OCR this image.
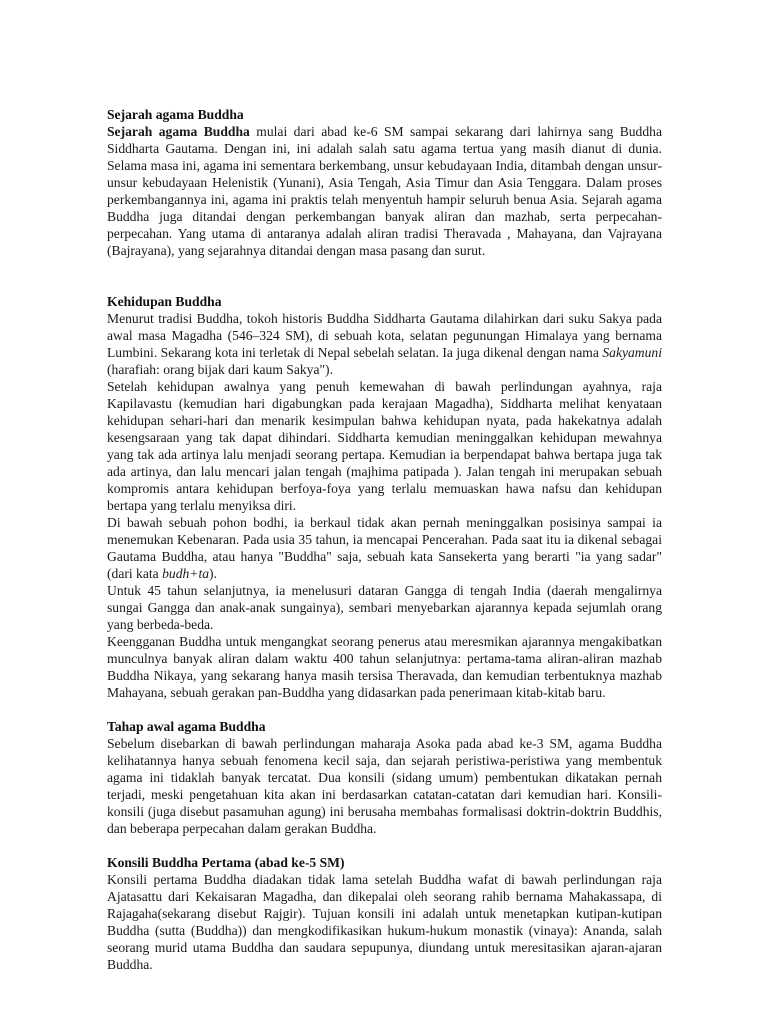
Sejarah agama Buddha

Sejarah agama Buddha mulai dari abad ke-6 SM sampai sekarang dari lahirnya sang Buddha Siddharta Gautama. Dengan ini, ini adalah salah satu agama tertua yang masih dianut di dunia. Selama masa ini, agama ini sementara berkembang, unsur kebudayaan India, ditambah dengan unsur-unsur kebudayaan Helenistik (Yunani), Asia Tengah, Asia Timur dan Asia Tenggara. Dalam proses perkembangannya ini, agama ini praktis telah menyentuh hampir seluruh benua Asia. Sejarah agama Buddha juga ditandai dengan perkembangan banyak aliran dan mazhab, serta perpecahan-perpecahan. Yang utama di antaranya adalah aliran tradisi Theravada , Mahayana, dan Vajrayana (Bajrayana), yang sejarahnya ditandai dengan masa pasang dan surut.

Kehidupan Buddha

Menurut tradisi Buddha, tokoh historis Buddha Siddharta Gautama dilahirkan dari suku Sakya pada awal masa Magadha (546–324 SM), di sebuah kota, selatan pegunungan Himalaya yang bernama Lumbini. Sekarang kota ini terletak di Nepal sebelah selatan. Ia juga dikenal dengan nama Sakyamuni (harafiah: orang bijak dari kaum Sakya").

Setelah kehidupan awalnya yang penuh kemewahan di bawah perlindungan ayahnya, raja Kapilavastu (kemudian hari digabungkan pada kerajaan Magadha), Siddharta melihat kenyataan kehidupan sehari-hari dan menarik kesimpulan bahwa kehidupan nyata, pada hakekatnya adalah kesengsaraan yang tak dapat dihindari. Siddharta kemudian meninggalkan kehidupan mewahnya yang tak ada artinya lalu menjadi seorang pertapa. Kemudian ia berpendapat bahwa bertapa juga tak ada artinya, dan lalu mencari jalan tengah (majhima patipada ). Jalan tengah ini merupakan sebuah kompromis antara kehidupan berfoya-foya yang terlalu memuaskan hawa nafsu dan kehidupan bertapa yang terlalu menyiksa diri.

Di bawah sebuah pohon bodhi, ia berkaul tidak akan pernah meninggalkan posisinya sampai ia menemukan Kebenaran. Pada usia 35 tahun, ia mencapai Pencerahan. Pada saat itu ia dikenal sebagai Gautama Buddha, atau hanya "Buddha" saja, sebuah kata Sansekerta yang berarti "ia yang sadar" (dari kata budh+ta).

Untuk 45 tahun selanjutnya, ia menelusuri dataran Gangga di tengah India (daerah mengalirnya sungai Gangga dan anak-anak sungainya), sembari menyebarkan ajarannya kepada sejumlah orang yang berbeda-beda.

Keengganan Buddha untuk mengangkat seorang penerus atau meresmikan ajarannya mengakibatkan munculnya banyak aliran dalam waktu 400 tahun selanjutnya: pertama-tama aliran-aliran mazhab Buddha Nikaya, yang sekarang hanya masih tersisa Theravada, dan kemudian terbentuknya mazhab Mahayana, sebuah gerakan pan-Buddha yang didasarkan pada penerimaan kitab-kitab baru.

Tahap awal agama Buddha

Sebelum disebarkan di bawah perlindungan maharaja Asoka pada abad ke-3 SM, agama Buddha kelihatannya hanya sebuah fenomena kecil saja, dan sejarah peristiwa-peristiwa yang membentuk agama ini tidaklah banyak tercatat. Dua konsili (sidang umum) pembentukan dikatakan pernah terjadi, meski pengetahuan kita akan ini berdasarkan catatan-catatan dari kemudian hari. Konsili-konsili (juga disebut pasamuhan agung) ini berusaha membahas formalisasi doktrin-doktrin Buddhis, dan beberapa perpecahan dalam gerakan Buddha.

Konsili Buddha Pertama (abad ke-5 SM)

Konsili pertama Buddha diadakan tidak lama setelah Buddha wafat di bawah perlindungan raja Ajatasattu dari Kekaisaran Magadha, dan dikepalai oleh seorang rahib bernama Mahakassapa, di Rajagaha(sekarang disebut Rajgir). Tujuan konsili ini adalah untuk menetapkan kutipan-kutipan Buddha (sutta (Buddha)) dan mengkodifikasikan hukum-hukum monastik (vinaya): Ananda, salah seorang murid utama Buddha dan saudara sepupunya, diundang untuk meresitasikan ajaran-ajaran Buddha.
